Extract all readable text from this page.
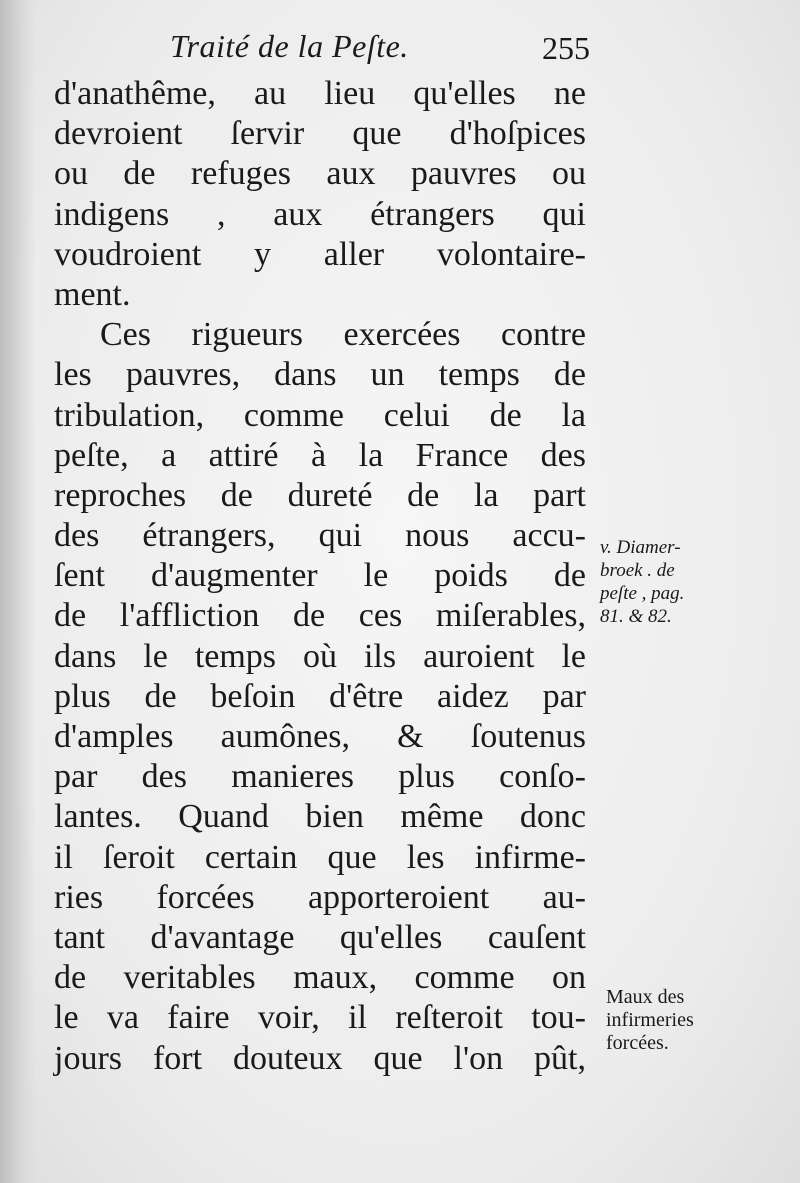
Traité de la Peſte.	255
d'anathême, au lieu qu'elles ne
devroient ſervir que d'hoſpices
ou de refuges aux pauvres ou
indigens , aux étrangers qui
voudroient y aller volontaire-
ment.
Ces rigueurs exercées contre
les pauvres, dans un temps de
tribulation, comme celui de la
peſte, a attiré à la France des
reproches de dureté de la part
des étrangers, qui nous accu-
ſent d'augmenter le poids de
de l'affliction de ces miſerables,
dans le temps où ils auroient le
plus de beſoin d'être aidez par
d'amples aumônes, & ſoutenus
par des manieres plus conſo-
lantes. Quand bien même donc
il ſeroit certain que les infirme-
ries forcées apporteroient au-
tant d'avantage qu'elles cauſent
de veritables maux, comme on
le va faire voir, il reſteroit tou-
jours fort douteux que l'on pût,
v. Diamer-
broek . de
peſte , pag.
81. & 82.
Maux des
infirmeries
forcées.
